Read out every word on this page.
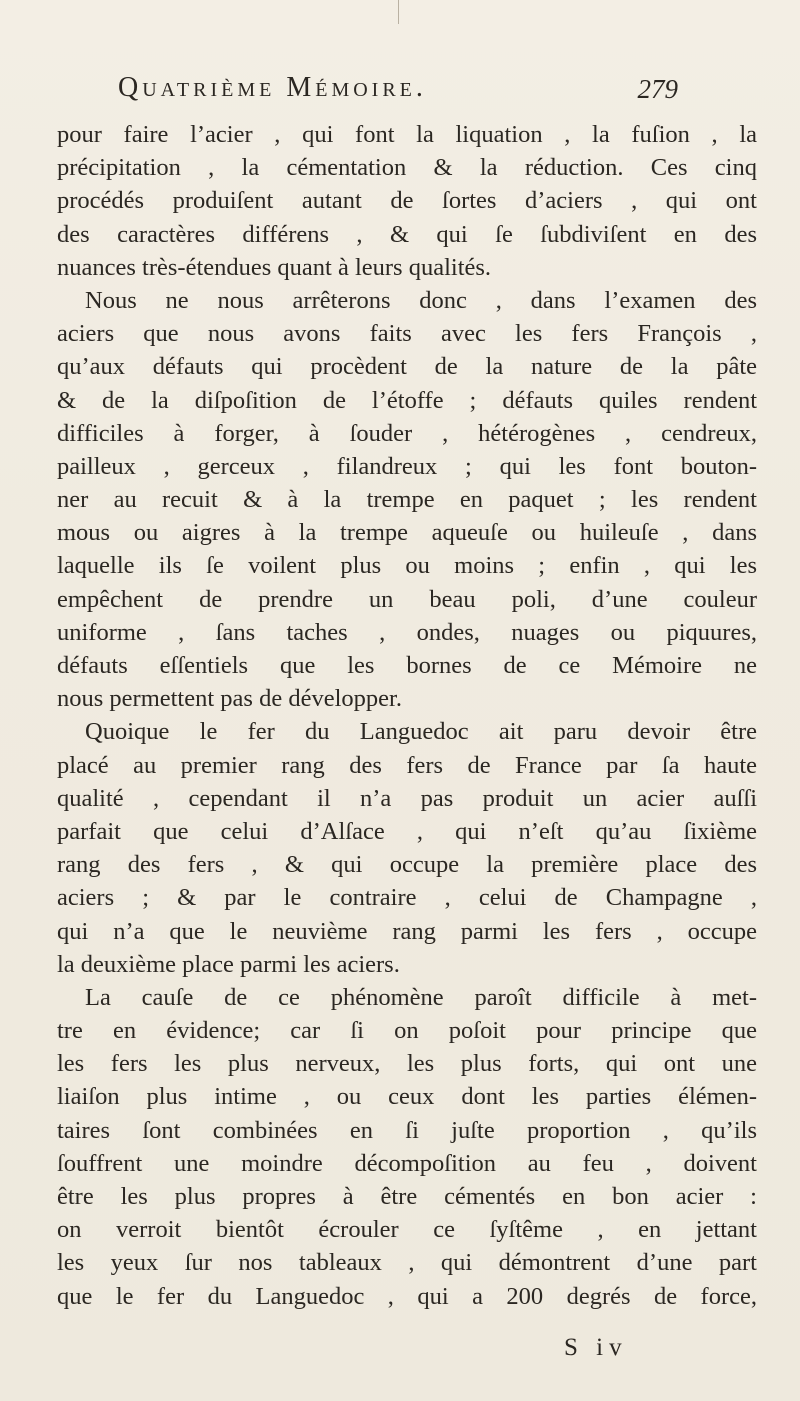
Quatrième Mémoire.	279
pour faire l’acier , qui font la liquation , la fuſion , la
précipitation , la cémentation & la réduction. Ces cinq
procédés produiſent autant de ſortes d’aciers , qui ont
des caractères différens , & qui ſe ſubdiviſent en des
nuances très-étendues quant à leurs qualités.
Nous ne nous arrêterons donc , dans l’examen des
aciers que nous avons faits avec les fers François ,
qu’aux défauts qui procèdent de la nature de la pâte
& de la diſpoſition de l’étoffe ; défauts quiles rendent
difficiles à forger, à ſouder , hétérogènes , cendreux,
pailleux , gerceux , filandreux ; qui les font bouton-
ner au recuit & à la trempe en paquet ; les rendent
mous ou aigres à la trempe aqueuſe ou huileuſe , dans
laquelle ils ſe voilent plus ou moins ; enfin , qui les
empêchent de prendre un beau poli, d’une couleur
uniforme , ſans taches , ondes, nuages ou piquures,
défauts eſſentiels que les bornes de ce Mémoire ne
nous permettent pas de développer.
Quoique le fer du Languedoc ait paru devoir être
placé au premier rang des fers de France par ſa haute
qualité , cependant il n’a pas produit un acier auſſi
parfait que celui d’Alſace , qui n’eſt qu’au ſixième
rang des fers , & qui occupe la première place des
aciers ; & par le contraire , celui de Champagne ,
qui n’a que le neuvième rang parmi les fers , occupe
la deuxième place parmi les aciers.
La cauſe de ce phénomène paroît difficile à met-
tre en évidence; car ſi on poſoit pour principe que
les fers les plus nerveux, les plus forts, qui ont une
liaiſon plus intime , ou ceux dont les parties élémen-
taires ſont combinées en ſi juſte proportion , qu’ils
ſouffrent une moindre décompoſition au feu , doivent
être les plus propres à être cémentés en bon acier :
on verroit bientôt écrouler ce ſyſtême , en jettant
les yeux ſur nos tableaux , qui démontrent d’une part
que le fer du Languedoc , qui a 200 degrés de force,
S iv
